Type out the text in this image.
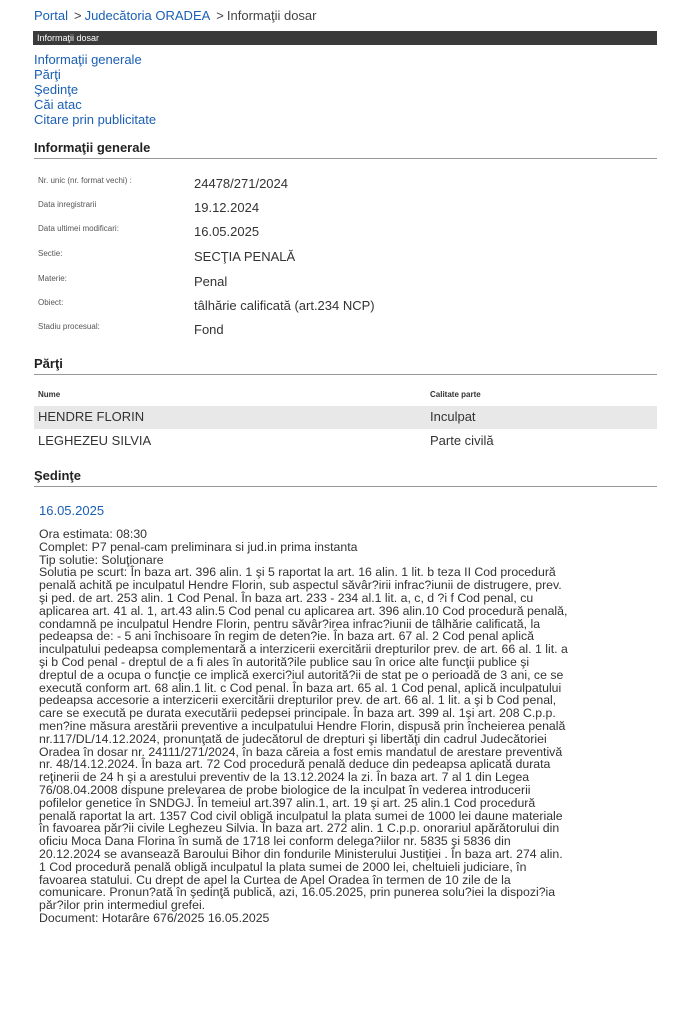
Portal > Judecătoria ORADEA > Informaţii dosar
Informaţii dosar
Informaţii generale
Părţi
Şedinţe
Căi atac
Citare prin publicitate
Informaţii generale
Nr. unic (nr. format vechi) :	24478/271/2024
Data inregistrarii	19.12.2024
Data ultimei modificari:	16.05.2025
Sectie:	SECŢIA PENALĂ
Materie:	Penal
Obiect:	tâlhărie calificată (art.234 NCP)
Stadiu procesual:	Fond
Părţi
Nume	Calitate parte
HENDRE FLORIN	Inculpat
LEGHEZEU SILVIA	Parte civilă
Şedinţe
16.05.2025
Ora estimata: 08:30
Complet: P7 penal-cam preliminara si jud.in prima instanta
Tip solutie: Soluţionare
Solutia pe scurt: În baza art. 396 alin. 1 şi 5 raportat la art. 16 alin. 1 lit. b teza II Cod procedură
penală achită pe inculpatul Hendre Florin, sub aspectul săvâr?irii infrac?iunii de distrugere, prev.
şi ped. de art. 253 alin. 1 Cod Penal. În baza art. 233 - 234 al.1 lit. a, c, d ?i f Cod penal, cu
aplicarea art. 41 al. 1, art.43 alin.5 Cod penal cu aplicarea art. 396 alin.10 Cod procedură penală,
condamnă pe inculpatul Hendre Florin, pentru săvâr?irea infrac?iunii de tâlhărie calificată, la
pedeapsa de: - 5 ani închisoare în regim de deten?ie. În baza art. 67 al. 2 Cod penal aplică
inculpatului pedeapsa complementară a interzicerii exercitării drepturilor prev. de art. 66 al. 1 lit. a
şi b Cod penal - dreptul de a fi ales în autorită?ile publice sau în orice alte funcţii publice şi
dreptul de a ocupa o funcţie ce implică exerci?iul autorită?ii de stat pe o perioadă de 3 ani, ce se
execută conform art. 68 alin.1 lit. c Cod penal. În baza art. 65 al. 1 Cod penal, aplică inculpatului
pedeapsa accesorie a interzicerii exercitării drepturilor prev. de art. 66 al. 1 lit. a şi b Cod penal,
care se execută pe durata executării pedepsei principale. În baza art. 399 al. 1şi art. 208 C.p.p.
men?ine măsura arestării preventive a inculpatului Hendre Florin, dispusă prin încheierea penală
nr.117/DL/14.12.2024, pronunţată de judecătorul de drepturi şi libertăţi din cadrul Judecătoriei
Oradea în dosar nr. 24111/271/2024, în baza căreia a fost emis mandatul de arestare preventivă
nr. 48/14.12.2024. În baza art. 72 Cod procedură penală deduce din pedeapsa aplicată durata
reţinerii de 24 h şi a arestului preventiv de la 13.12.2024 la zi. În baza art. 7 al 1 din Legea
76/08.04.2008 dispune prelevarea de probe biologice de la inculpat în vederea introducerii
pofilelor genetice în SNDGJ. În temeiul art.397 alin.1, art. 19 şi art. 25 alin.1 Cod procedură
penală raportat la art. 1357 Cod civil obligă inculpatul la plata sumei de 1000 lei daune materiale
în favoarea păr?ii civile Leghezeu Silvia. În baza art. 272 alin. 1 C.p.p. onorariul apărătorului din
oficiu Moca Dana Florina în sumă de 1718 lei conform delega?iilor nr. 5835 şi 5836 din
20.12.2024 se avansează Baroului Bihor din fondurile Ministerului Justiţiei . În baza art. 274 alin.
1 Cod procedură penală obligă inculpatul la plata sumei de 2000 lei, cheltuieli judiciare, în
favoarea statului. Cu drept de apel la Curtea de Apel Oradea în termen de 10 zile de la
comunicare. Pronun?ată în şedinţă publică, azi, 16.05.2025, prin punerea solu?iei la dispozi?ia
păr?ilor prin intermediul grefei.
Document: Hotarâre 676/2025 16.05.2025
